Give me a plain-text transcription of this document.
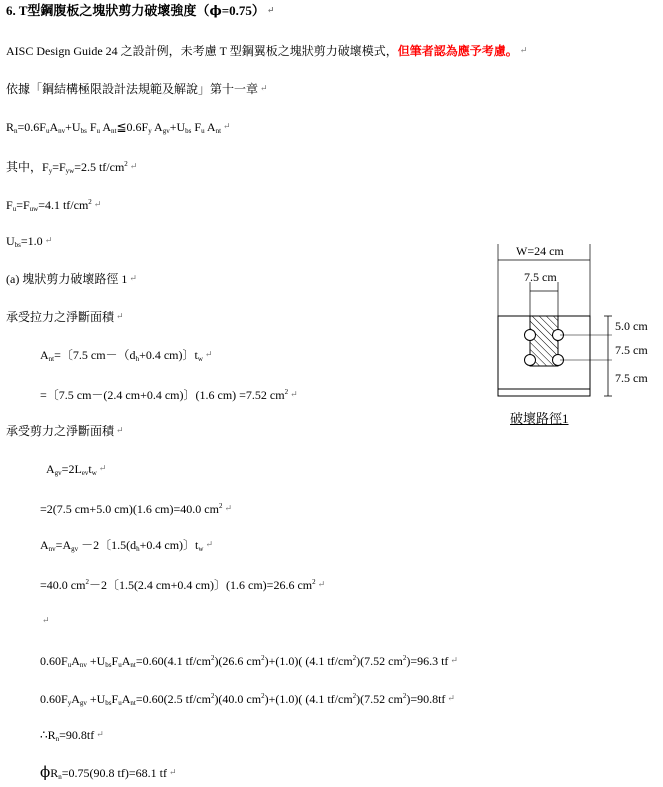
6. T型鋼腹板之塊狀剪力破壞強度（ϕ=0.75） ↵
AISC Design Guide 24 之設計例，未考慮 T 型鋼翼板之塊狀剪力破壞模式，但筆者認為應予考慮。 ↵
依據「鋼結構極限設計法規範及解說」第十一章 ↵
$R_n=0.6F_uA_{nv}+U_{bs}$ $F_u$ $A_{nt}≦0.6F_y$ $A_{gv}+U_{bs}$ $F_u$ $A_{nt}$ ↵
其中，$F_y=F_{yw}=2.5$ $tf/cm^2$ ↵
$F_u=F_{uw}=4.1$ $tf/cm^2$ ↵
$U_{bs}=1.0$ ↵
(a) 塊狀剪力破壞路徑 1 ↵
承受拉力之淨斷面積 ↵
$A_{nt}=$〔7.5 $cm-(d_h+0.4$ cm)〕$t_w$ ↵
=〔7.5 cm－(2.4 cm+0.4 cm)〕(1.6 cm) =7.52 $cm^2$ ↵
承受剪力之淨斷面積 ↵
$A_{gv}=2L_{ev}t_w$ ↵
=2(7.5 cm+5.0 cm)(1.6 cm)=40.0 $cm^2$ ↵
$A_{nv}=A_{gv} -2$〔$1.5(d_h+0.4$ cm)〕$t_w$ ↵
=40.0 $cm^2-2$〔1.5(2.4 cm+0.4 cm)〕(1.6 cm)=26.6 $cm^2$ ↵
↵
$0.60F_uA_{nv} +U_{bs}F_uA_{nt}=0.60(4.1$ $tf/cm^2)(26.6$ $cm^2)+(1.0)$( (4.1 $tf/cm^2)(7.52$ $cm^2)=96.3$ tf ↵
$0.60F_yA_{gv} +U_{bs}F_uA_{nt}=0.60(2.5$ $tf/cm^2)(40.0$ $cm^2)+(1.0)$( (4.1 $tf/cm^2)(7.52$ $cm^2)=90.8tf$ ↵
$\therefore R_n=90.8tf$ ↵
$\phi R_n=0.75(90.8$ tf)=68.1 tf ↵
W=24 cm
7.5 cm
5.0 cm
7.5 cm
7.5 cm
破壞路徑1
